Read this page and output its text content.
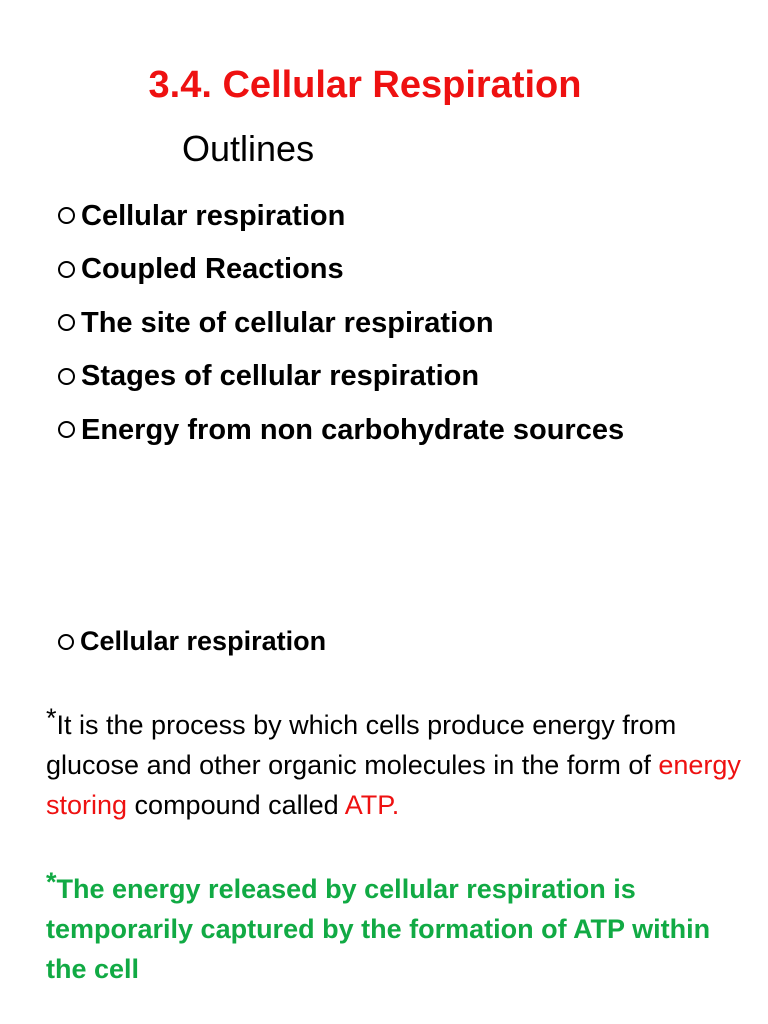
3.4. Cellular Respiration
Outlines
Cellular respiration
Coupled Reactions
The site of cellular respiration
Stages of cellular respiration
Energy from non carbohydrate sources
Cellular respiration
*It is the process by which cells produce energy from glucose and other organic molecules in the form of energy storing compound called ATP.
*The energy released by cellular respiration is temporarily captured by the formation of ATP within the cell
